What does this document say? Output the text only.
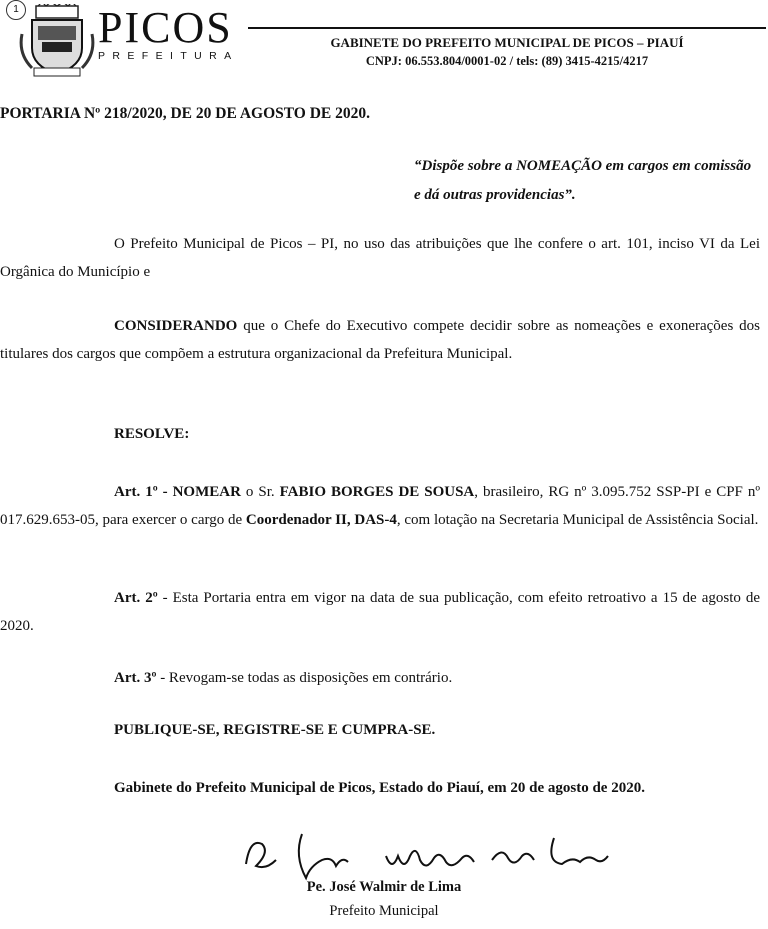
1 PICOS
PREFEITURA
GABINETE DO PREFEITO MUNICIPAL DE PICOS – PIAUÍ
CNPJ: 06.553.804/0001-02 / tels: (89) 3415-4215/4217
PORTARIA Nº 218/2020, DE 20 DE AGOSTO DE 2020.
“Dispõe sobre a NOMEAÇÃO em cargos em comissão e dá outras providencias”.
O Prefeito Municipal de Picos – PI, no uso das atribuições que lhe confere o art. 101, inciso VI da Lei Orgânica do Município e
CONSIDERANDO que o Chefe do Executivo compete decidir sobre as nomeações e exonerações dos titulares dos cargos que compõem a estrutura organizacional da Prefeitura Municipal.
RESOLVE:
Art. 1º - NOMEAR o Sr. FABIO BORGES DE SOUSA, brasileiro, RG nº 3.095.752 SSP-PI e CPF nº 017.629.653-05, para exercer o cargo de Coordenador II, DAS-4, com lotação na Secretaria Municipal de Assistência Social.
Art. 2º - Esta Portaria entra em vigor na data de sua publicação, com efeito retroativo a 15 de agosto de 2020.
Art. 3º - Revogam-se todas as disposições em contrário.
PUBLIQUE-SE, REGISTRE-SE E CUMPRA-SE.
Gabinete do Prefeito Municipal de Picos, Estado do Piauí, em 20 de agosto de 2020.
Pe. José Walmir de Lima
Prefeito Municipal
